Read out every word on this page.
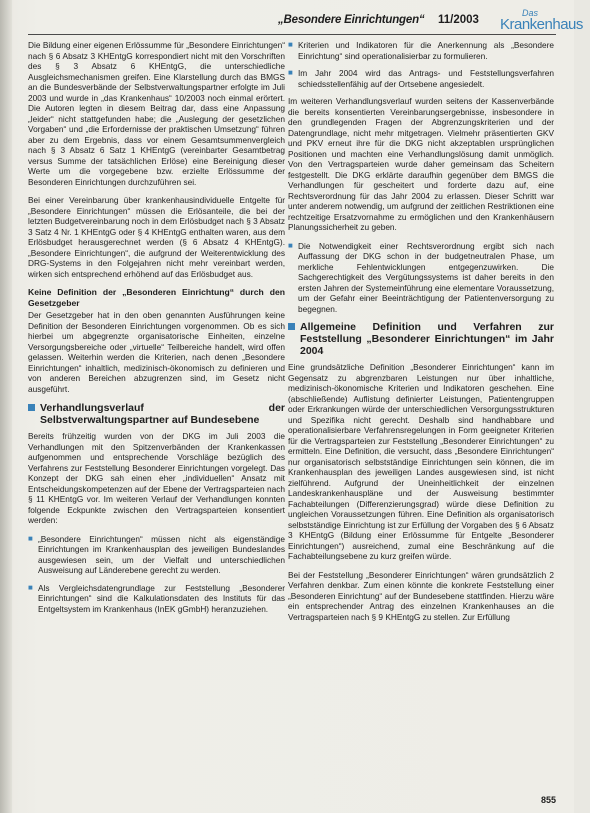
„Besondere Einrichtungen“ 11/2003
Das
Krankenhaus

Die Bildung einer eigenen Erlössumme für „Besondere Einrichtungen“ nach § 6 Absatz 3 KHEntgG korrespondiert nicht mit den Vorschriften des § 3 Absatz 6 KHEntgG, die unterschiedliche Ausgleichsmechanismen greifen. Eine Klarstellung durch das BMGS an die Bundesverbände der Selbstverwaltungspartner erfolgte im Juli 2003 und wurde in „das Krankenhaus“ 10/2003 noch einmal erörtert. Die Autoren legten in diesem Beitrag dar, dass eine Anpassung „leider“ nicht stattgefunden habe; die „Auslegung der gesetzlichen Vorgaben“ und „die Erfordernisse der praktischen Umsetzung“ führen aber zu dem Ergebnis, dass vor einem Gesamtsummenvergleich nach § 3 Absatz 6 Satz 1 KHEntgG (vereinbarter Gesamtbetrag versus Summe der tatsächlichen Erlöse) eine Bereinigung dieser Werte um die vorgegebene bzw. erzielte Erlössumme der Besonderen Einrichtungen durchzuführen sei.

Bei einer Vereinbarung über krankenhausindividuelle Entgelte für „Besondere Einrichtungen“ müssen die Erlösanteile, die bei der letzten Budgetvereinbarung noch in dem Erlösbudget nach § 3 Absatz 3 Satz 4 Nr. 1 KHEntgG oder § 4 KHEntgG enthalten waren, aus dem Erlösbudget herausgerechnet werden (§ 6 Absatz 4 KHEntgG). „Besondere Einrichtungen“, die aufgrund der Weiterentwicklung des DRG-Systems in den Folgejahren nicht mehr vereinbart werden, wirken sich entsprechend erhöhend auf das Erlösbudget aus.

Keine Definition der „Besonderen Einrichtung“ durch den Gesetzgeber

Der Gesetzgeber hat in den oben genannten Ausführungen keine Definition der Besonderen Einrichtungen vorgenommen. Ob es sich hierbei um abgegrenzte organisatorische Einheiten, einzelne Versorgungsbereiche oder „virtuelle“ Teilbereiche handelt, wird offen gelassen. Weiterhin werden die Kriterien, nach denen „Besondere Einrichtungen“ inhaltlich, medizinisch-ökonomisch zu definieren und von anderen Bereichen abzugrenzen sind, im Gesetz nicht ausgeführt.

Verhandlungsverlauf der Selbstverwaltungspartner auf Bundesebene

Bereits frühzeitig wurden von der DKG im Juli 2003 die Verhandlungen mit den Spitzenverbänden der Krankenkassen aufgenommen und entsprechende Vorschläge bezüglich des Verfahrens zur Feststellung Besonderer Einrichtungen vorgelegt. Das Konzept der DKG sah einen eher „individuellen“ Ansatz mit Entscheidungskompetenzen auf der Ebene der Vertragsparteien nach § 11 KHEntgG vor. Im weiteren Verlauf der Verhandlungen konnten folgende Eckpunkte zwischen den Vertragsparteien konsentiert werden:

■ „Besondere Einrichtungen“ müssen nicht als eigenständige Einrichtungen im Krankenhausplan des jeweiligen Bundeslandes ausgewiesen sein, um der Vielfalt und unterschiedlichen Ausweisung auf Länderebene gerecht zu werden.
■ Als Vergleichsdatengrundlage zur Feststellung „Besonderer Einrichtungen“ sind die Kalkulationsdaten des Instituts für das Entgeltsystem im Krankenhaus (InEK gGmbH) heranzuziehen.
■ Kriterien und Indikatoren für die Anerkennung als „Besondere Einrichtung“ sind operationalisierbar zu formulieren.
■ Im Jahr 2004 wird das Antrags- und Feststellungsverfahren schiedsstellenfähig auf der Ortsebene angesiedelt.

Im weiteren Verhandlungsverlauf wurden seitens der Kassenverbände die bereits konsentierten Vereinbarungsergebnisse, insbesondere in den grundlegenden Fragen der Abgrenzungskriterien und der Datengrundlage, nicht mehr mitgetragen. Vielmehr präsentierten GKV und PKV erneut ihre für die DKG nicht akzeptablen ursprünglichen Positionen und machten eine Verhandlungslösung damit unmöglich. Von den Vertragsparteien wurde daher gemeinsam das Scheitern festgestellt. Die DKG erklärte daraufhin gegenüber dem BMGS die Verhandlungen für gescheitert und forderte dazu auf, eine Rechtsverordnung für das Jahr 2004 zu erlassen. Dieser Schritt war unter anderem notwendig, um aufgrund der zeitlichen Restriktionen eine rechtzeitige Ersatzvornahme zu ermöglichen und den Krankenhäusern Planungssicherheit zu geben.

■ Die Notwendigkeit einer Rechtsverordnung ergibt sich nach Auffassung der DKG schon in der budgetneutralen Phase, um merkliche Fehlentwicklungen entgegenzuwirken. Die Sachgerechtigkeit des Vergütungssystems ist daher bereits in den ersten Jahren der Systemeinführung eine elementare Voraussetzung, um der Gefahr einer Beeinträchtigung der Patientenversorgung zu begegnen.
Allgemeine Definition und Verfahren zur Feststellung „Besonderer Einrichtungen“ im Jahr 2004

Eine grundsätzliche Definition „Besonderer Einrichtungen“ kann im Gegensatz zu abgrenzbaren Leistungen nur über inhaltliche, medizinisch-ökonomische Kriterien und Indikatoren geschehen. Eine (abschließende) Auflistung definierter Leistungen, Patientengruppen oder Erkrankungen würde der unterschiedlichen Versorgungsstrukturen und Spezifika nicht gerecht. Deshalb sind handhabbare und operationalisierbare Verfahrensregelungen in Form geeigneter Kriterien für die Vertragsparteien zur Feststellung „Besonderer Einrichtungen“ zu ermitteln. Eine Definition, die versucht, dass „Besondere Einrichtungen“ nur organisatorisch selbstständige Einrichtungen sein können, die im Krankenhausplan des jeweiligen Landes ausgewiesen sind, ist nicht zielführend. Aufgrund der Uneinheitlichkeit der einzelnen Landeskrankenhauspläne und der Ausweisung bestimmter Fachabteilungen (Differenzierungsgrad) würde diese Definition zu ungleichen Voraussetzungen führen. Eine Definition als organisatorisch selbstständige Einrichtung ist zur Erfüllung der Vorgaben des § 6 Absatz 3 KHEntgG (Bildung einer Erlössumme für Entgelte „Besonderer Einrichtungen“) ausreichend, zumal eine Beschränkung auf die Fachabteilungsebene zu kurz greifen würde.

Bei der Feststellung „Besonderer Einrichtungen“ wären grundsätzlich 2 Verfahren denkbar. Zum einen könnte die konkrete Feststellung einer „Besonderen Einrichtung“ auf der Bundesebene stattfinden. Hierzu wäre ein entsprechender Antrag des einzelnen Krankenhauses an die Vertragsparteien nach § 9 KHEntgG zu stellen. Zur Erfüllung

855
